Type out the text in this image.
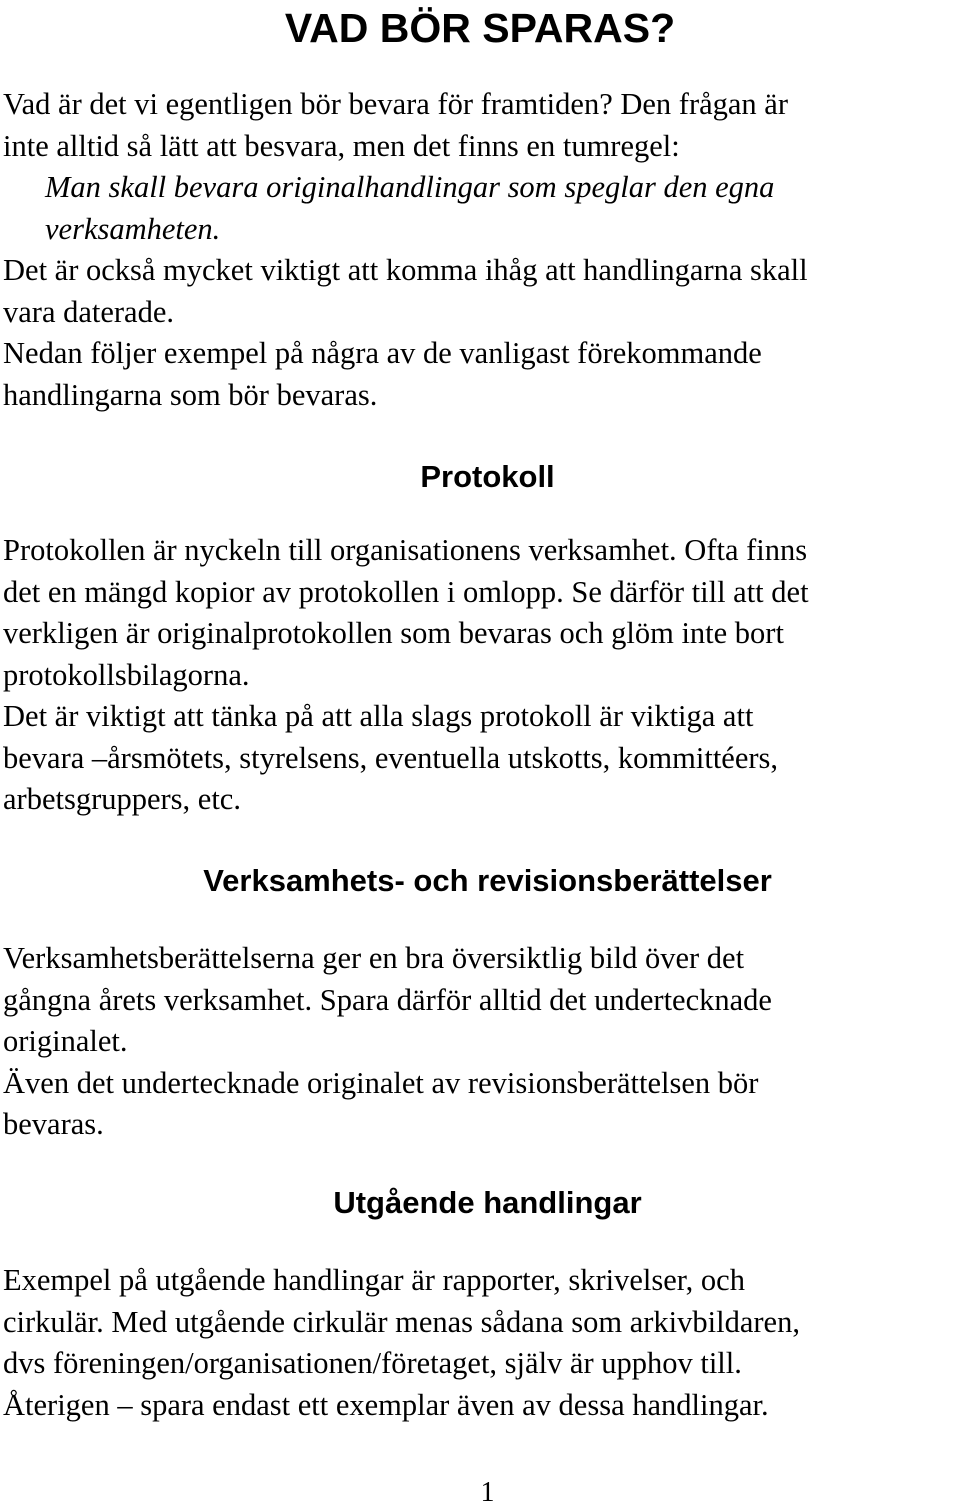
VAD BÖR SPARAS?
Vad är det vi egentligen bör bevara för framtiden? Den frågan är
inte alltid så lätt att besvara, men det finns en tumregel:
Man skall bevara originalhandlingar som speglar den egna
verksamheten.
Det är också mycket viktigt att komma ihåg att handlingarna skall
vara daterade.
Nedan följer exempel på några av de vanligast förekommande
handlingarna som bör bevaras.
Protokoll
Protokollen är nyckeln till organisationens verksamhet. Ofta finns
det en mängd kopior av protokollen i omlopp. Se därför till att det
verkligen är originalprotokollen som bevaras och glöm inte bort
protokollsbilagorna.
Det är viktigt att tänka på att alla slags protokoll är viktiga att
bevara –årsmötets, styrelsens, eventuella utskotts, kommittéers,
arbetsgruppers, etc.
Verksamhets- och revisionsberättelser
Verksamhetsberättelserna ger en bra översiktlig bild över det
gångna årets verksamhet. Spara därför alltid det undertecknade
originalet.
Även det undertecknade originalet av revisionsberättelsen bör
bevaras.
Utgående handlingar
Exempel på utgående handlingar är rapporter, skrivelser, och
cirkulär. Med utgående cirkulär menas sådana som arkivbildaren,
dvs föreningen/organisationen/företaget, själv är upphov till.
Återigen – spara endast ett exemplar även av dessa handlingar.
1
